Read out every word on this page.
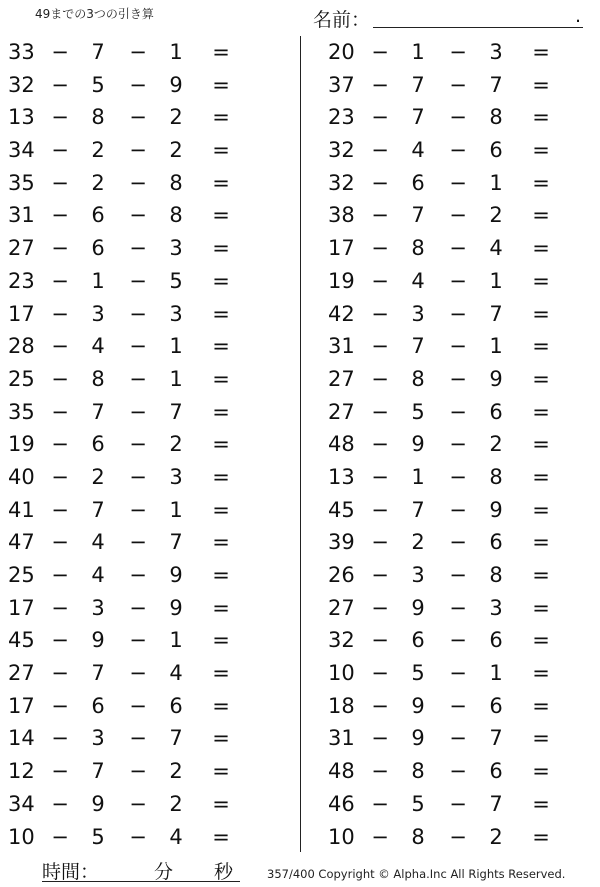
49までの3つの引き算	名前：	.
33 − 7 − 1 =
32 − 5 − 9 =
13 − 8 − 2 =
34 − 2 − 2 =
35 − 2 − 8 =
31 − 6 − 8 =
27 − 6 − 3 =
23 − 1 − 5 =
17 − 3 − 3 =
28 − 4 − 1 =
25 − 8 − 1 =
35 − 7 − 7 =
19 − 6 − 2 =
40 − 2 − 3 =
41 − 7 − 1 =
47 − 4 − 7 =
25 − 4 − 9 =
17 − 3 − 9 =
45 − 9 − 1 =
27 − 7 − 4 =
17 − 6 − 6 =
14 − 3 − 7 =
12 − 7 − 2 =
34 − 9 − 2 =
10 − 5 − 4 =
20 − 1 − 3 =
37 − 7 − 7 =
23 − 7 − 8 =
32 − 4 − 6 =
32 − 6 − 1 =
38 − 7 − 2 =
17 − 8 − 4 =
19 − 4 − 1 =
42 − 3 − 7 =
31 − 7 − 1 =
27 − 8 − 9 =
27 − 5 − 6 =
48 − 9 − 2 =
13 − 1 − 8 =
45 − 7 − 9 =
39 − 2 − 6 =
26 − 3 − 8 =
27 − 9 − 3 =
32 − 6 − 6 =
10 − 5 − 1 =
18 − 9 − 6 =
31 − 9 − 7 =
48 − 8 − 6 =
46 − 5 − 7 =
10 − 8 − 2 =
時間：	分 秒	357/400 Copyright © Alpha.Inc All Rights Reserved.
